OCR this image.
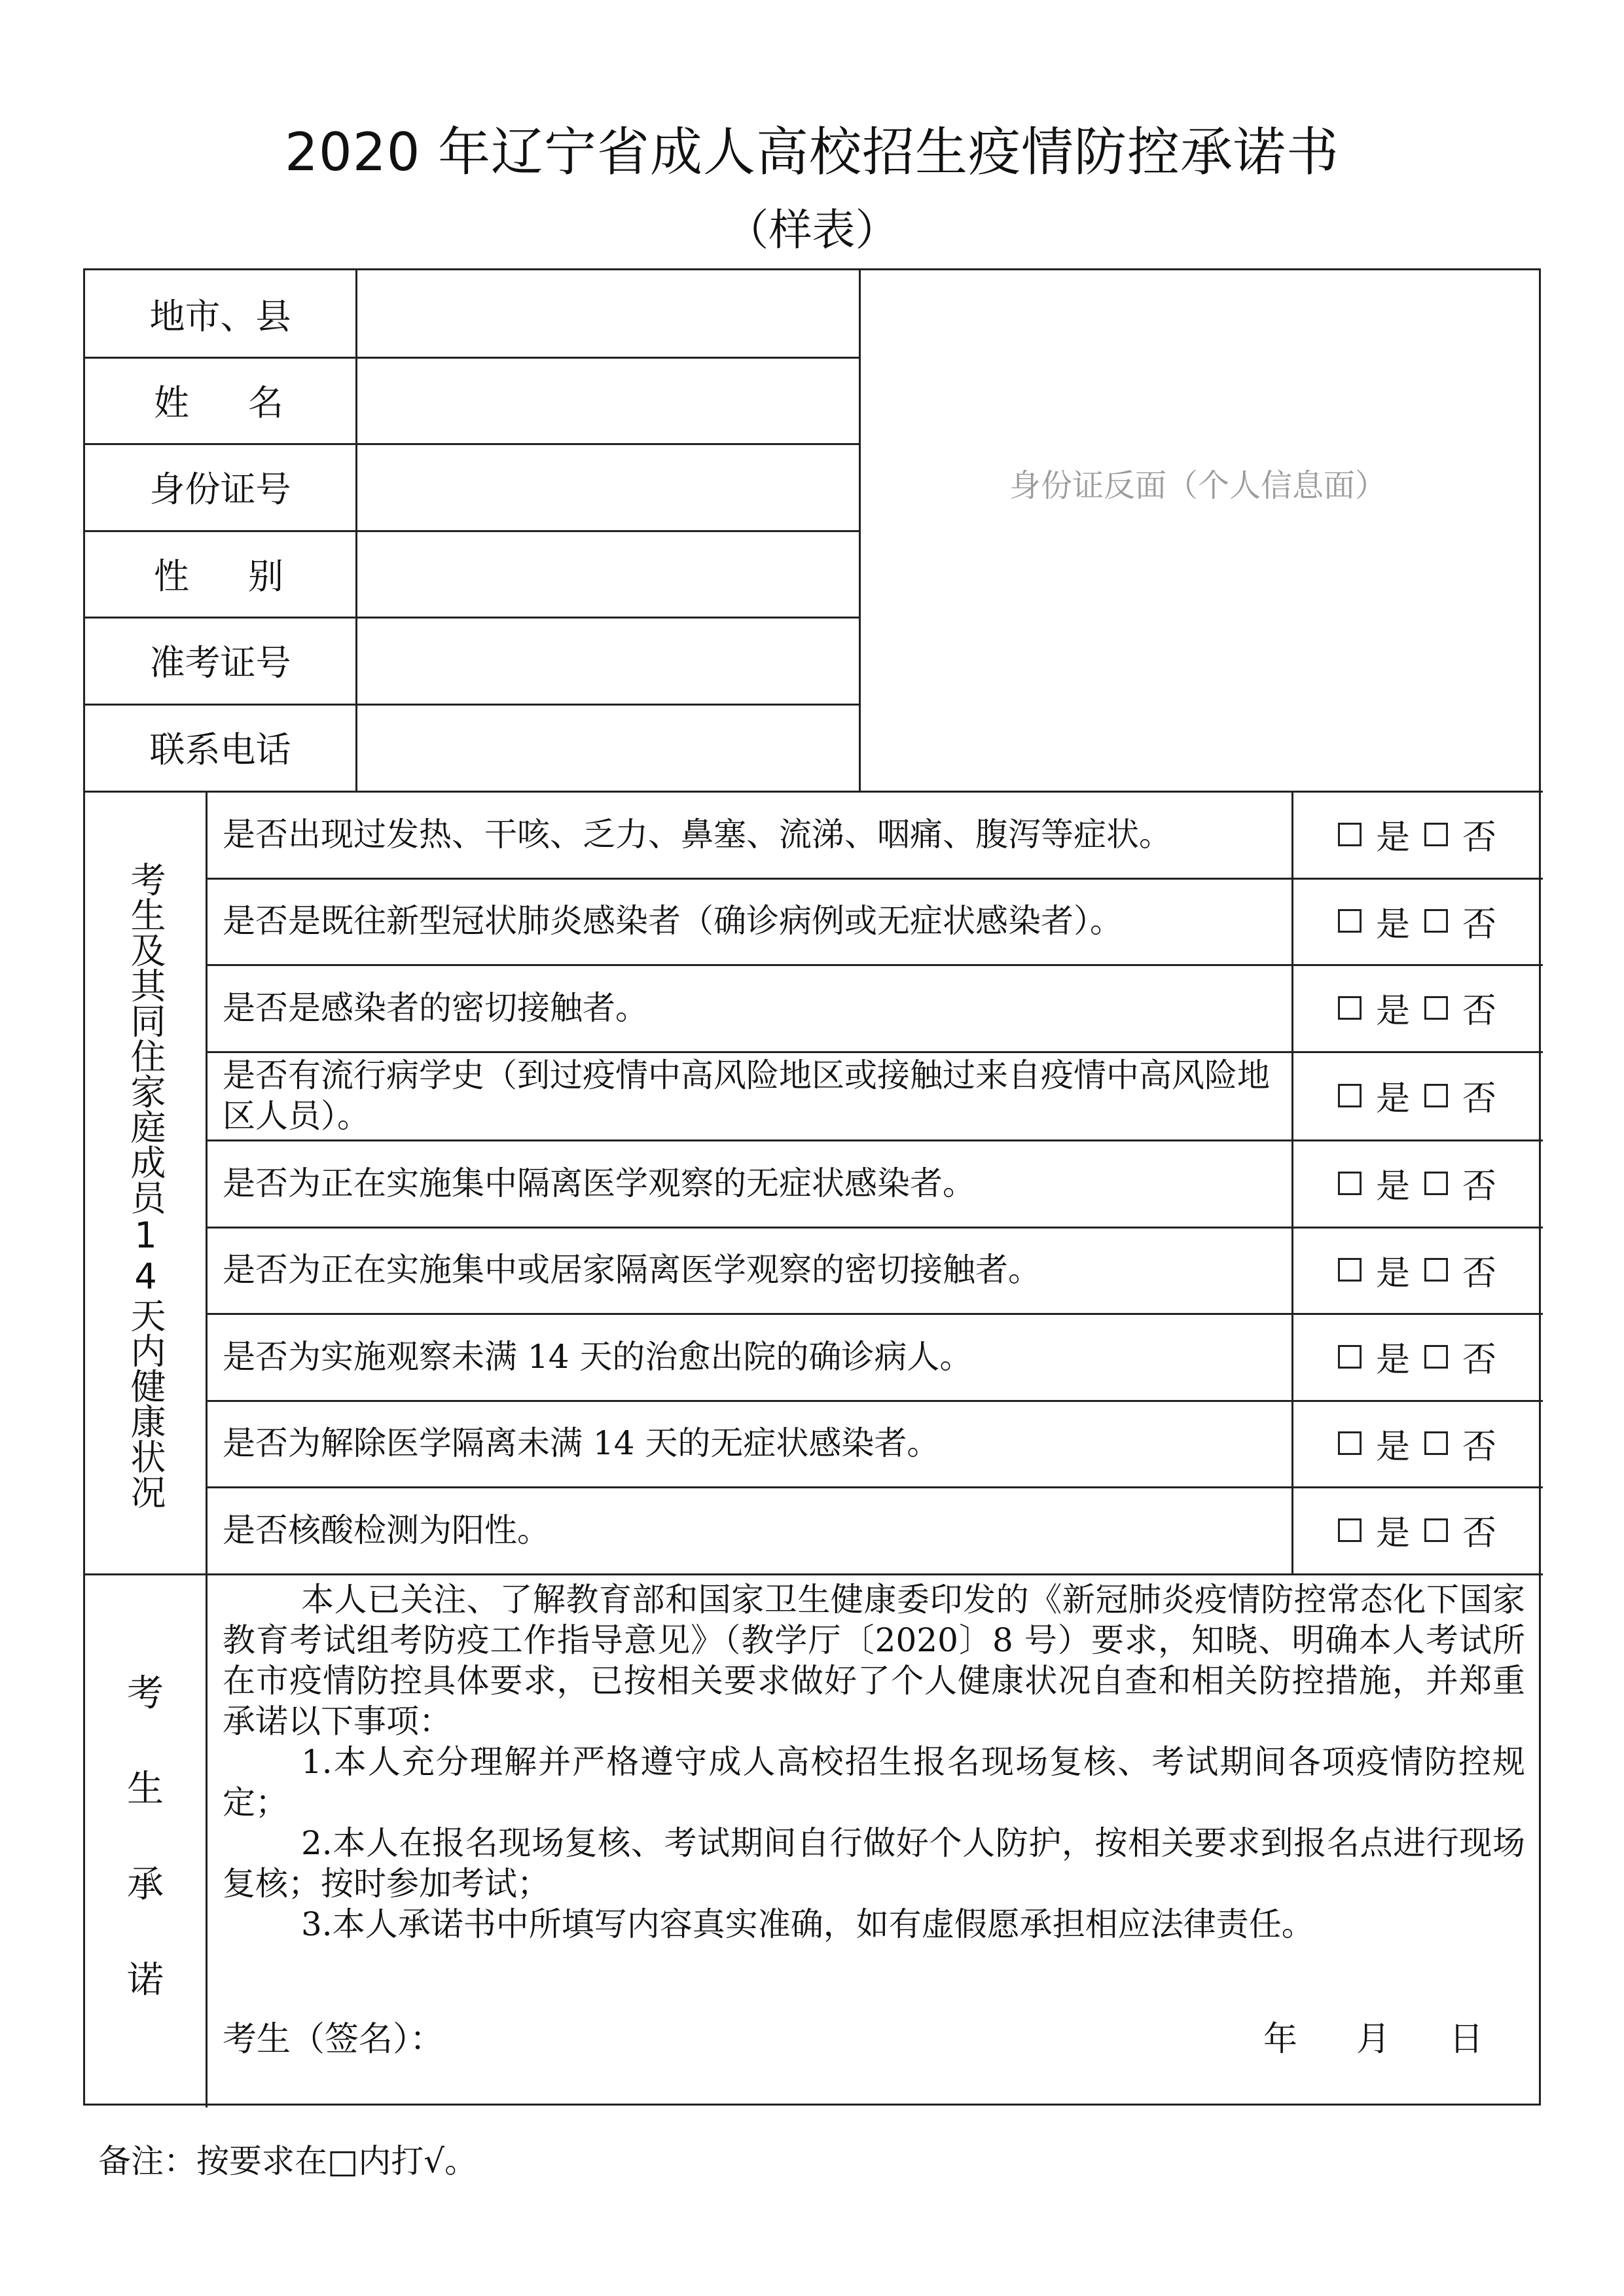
2020 年辽宁省成人高校招生疫情防控承诺书
（样表）
地市、县
姓 名
身份证号
性 别
准考证号
联系电话
身份证反面（个人信息面）
考生及其同住家庭成员14天内健康状况
是否出现过发热、干咳、乏力、鼻塞、流涕、咽痛、腹泻等症状。
是否是既往新型冠状肺炎感染者（确诊病例或无症状感染者）。
是否是感染者的密切接触者。
是否有流行病学史（到过疫情中高风险地区或接触过来自疫情中高风险地区人员）。
是否为正在实施集中隔离医学观察的无症状感染者。
是否为正在实施集中或居家隔离医学观察的密切接触者。
是否为实施观察未满 14 天的治愈出院的确诊病人。
是否为解除医学隔离未满 14 天的无症状感染者。
是否核酸检测为阳性。
是 否
是 否
是 否
是 否
是 否
是 否
是 否
是 否
是 否
考
生
承
诺

本人已关注、了解教育部和国家卫生健康委印发的《新冠肺炎疫情防控常态化下国家教育考试组考防疫工作指导意见》（教学厅〔2020〕8 号）要求，知晓、明确本人考试所在市疫情防控具体要求，已按相关要求做好了个人健康状况自查和相关防控措施，并郑重承诺以下事项：

1.本人充分理解并严格遵守成人高校招生报名现场复核、考试期间各项疫情防控规定；

2.本人在报名现场复核、考试期间自行做好个人防护，按相关要求到报名点进行现场复核；按时参加考试；

3.本人承诺书中所填写内容真实准确，如有虚假愿承担相应法律责任。

考生（签名）：	年 月 日
备注：按要求在□内打√。
